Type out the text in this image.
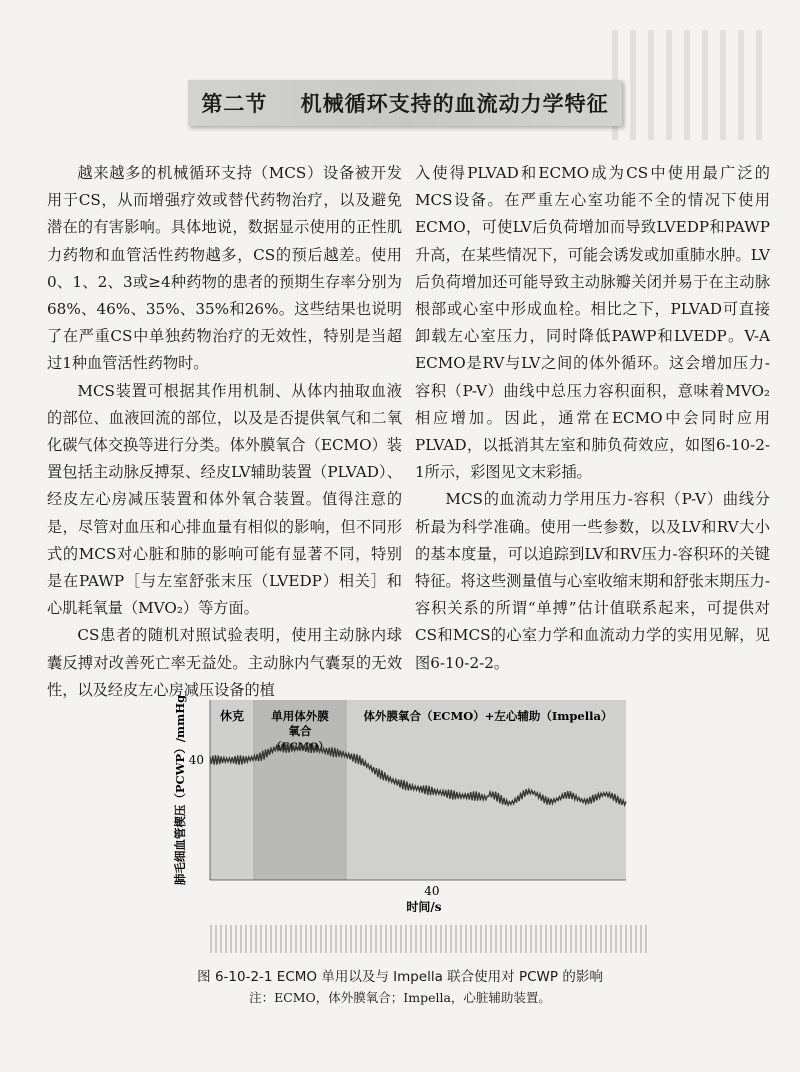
第二节    机械循环支持的血流动力学特征

越来越多的机械循环支持（MCS）设备被开发用于CS，从而增强疗效或替代药物治疗，以及避免潜在的有害影响。具体地说，数据显示使用的正性肌力药物和血管活性药物越多，CS的预后越差。使用0、1、2、3或≥4种药物的患者的预期生存率分别为68%、46%、35%、35%和26%。这些结果也说明了在严重CS中单独药物治疗的无效性，特别是当超过1种血管活性药物时。

MCS装置可根据其作用机制、从体内抽取血液的部位、血液回流的部位，以及是否提供氧气和二氧化碳气体交换等进行分类。体外膜氧合（ECMO）装置包括主动脉反搏泵、经皮LV辅助装置（PLVAD）、经皮左心房减压装置和体外氧合装置。值得注意的是，尽管对血压和心排血量有相似的影响，但不同形式的MCS对心脏和肺的影响可能有显著不同，特别是在PAWP［与左室舒张末压（LVEDP）相关］和心肌耗氧量（MVO₂）等方面。

CS患者的随机对照试验表明，使用主动脉内球囊反搏对改善死亡率无益处。主动脉内气囊泵的无效性，以及经皮左心房减压设备的植

入使得PLVAD和ECMO成为CS中使用最广泛的MCS设备。在严重左心室功能不全的情况下使用ECMO，可使LV后负荷增加而导致LVEDP和PAWP升高，在某些情况下，可能会诱发或加重肺水肿。LV后负荷增加还可能导致主动脉瓣关闭并易于在主动脉根部或心室中形成血栓。相比之下，PLVAD可直接卸载左心室压力，同时降低PAWP和LVEDP。V-A ECMO是RV与LV之间的体外循环。这会增加压力-容积（P-V）曲线中总压力容积面积，意味着MVO₂相应增加。因此，通常在ECMO中会同时应用PLVAD，以抵消其左室和肺负荷效应，如图6-10-2-1所示，彩图见文末彩插。

MCS的血流动力学用压力-容积（P-V）曲线分析最为科学准确。使用一些参数，以及LV和RV大小的基本度量，可以追踪到LV和RV压力-容积环的关键特征。将这些测量值与心室收缩末期和舒张末期压力-容积关系的所谓“单搏”估计值联系起来，可提供对CS和MCS的心室力学和血流动力学的实用见解，见图6-10-2-2。

休克 单用体外膜
氧合
（ECMO）
体外膜氧合（ECMO）+左心辅助（Impella）
40
40
时间/s
肺毛细血管楔压（PCWP）/mmHg
图 6-10-2-1 ECMO 单用以及与 Impella 联合使用对 PCWP 的影响
注：ECMO，体外膜氧合；Impella，心脏辅助装置。
